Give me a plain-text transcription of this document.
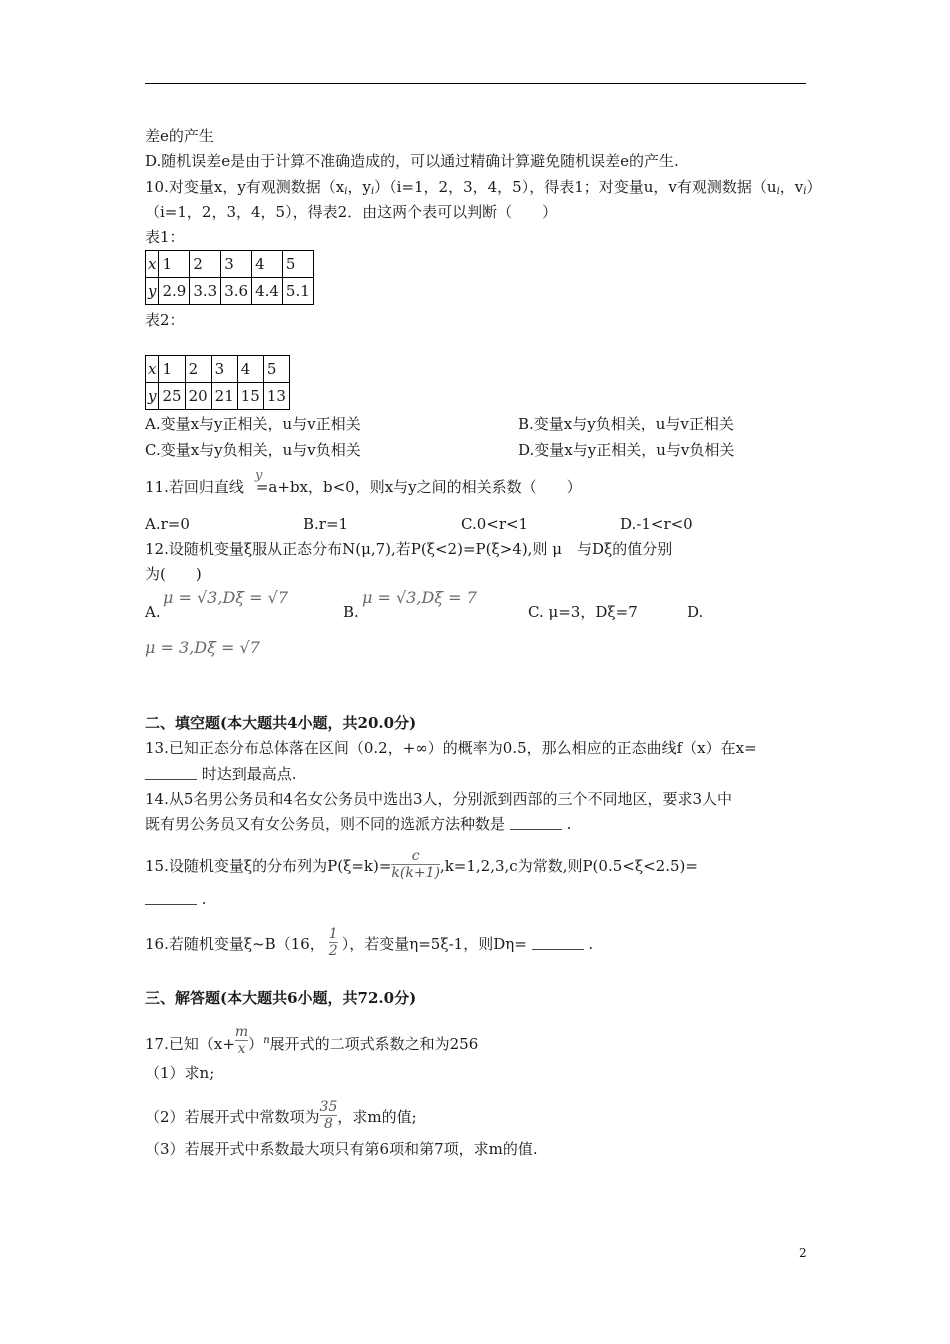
差e的产生
D.随机误差e是由于计算不准确造成的，可以通过精确计算避免随机误差e的产生.
10.对变量x，y有观测数据（$x_i$，$y_i)(i=1$，2，3，4，5），得表1；对变量u，v有观测数据（$u_i$，$v_i$）
（i=1，2，3，4，5），得表2．由这两个表可以判断（　　）
表1：
x	1	2	3	4	5
y	2.9	3.3	3.6	4.4	5.1
表2：
x	1	2	3	4	5
y	25	20	21	15	13
A.变量x与y正相关，u与v正相关	B.变量x与y负相关，u与v正相关
C.变量x与y负相关，u与v负相关	D.变量x与y正相关，u与v负相关
y
11.若回归直线 =a+bx，b<0，则x与y之间的相关系数（　　）
A.r=0	B.r=1	C.0<r<1	D.-1<r<0
12.设随机变量ξ服从正态分布N(μ,7),若P(ξ<2)=P(ξ>4),则 μ　与Dξ的值分别
为(　　)
A.
μ = √3,Dξ = √7
B.
μ = √3,Dξ = 7
C. μ=3，Dξ=7	D.
μ = 3,Dξ = √7
二、填空题(本大题共4小题，共20.0分)
13.已知正态分布总体落在区间（0.2，+∞）的概率为0.5，那么相应的正态曲线f（x）在x=
时达到最高点.
14.从5名男公务员和4名女公务员中选出3人，分别派到西部的三个不同地区，要求3人中
既有男公务员又有女公务员，则不同的选派方法种数是	.
15.设随机变量ξ的分布列为$P(\xi=k)= \frac{c}{k(k+1)} ,k=1,2,3,c$为常数,则P(0.5<ξ<2.5)=
.
16.若随机变量ξ~B（16， $\frac{1}{2}$ ），若变量η=5ξ-1，则Dη=	.
三、解答题(本大题共6小题，共72.0分)
17.已知$(x+ \frac{m}{x} )^n$展开式的二项式系数之和为256
（1）求n;
（2）若展开式中常数项为 $\frac{35}{8}$ ，求m的值;
（3）若展开式中系数最大项只有第6项和第7项，求m的值.
2
